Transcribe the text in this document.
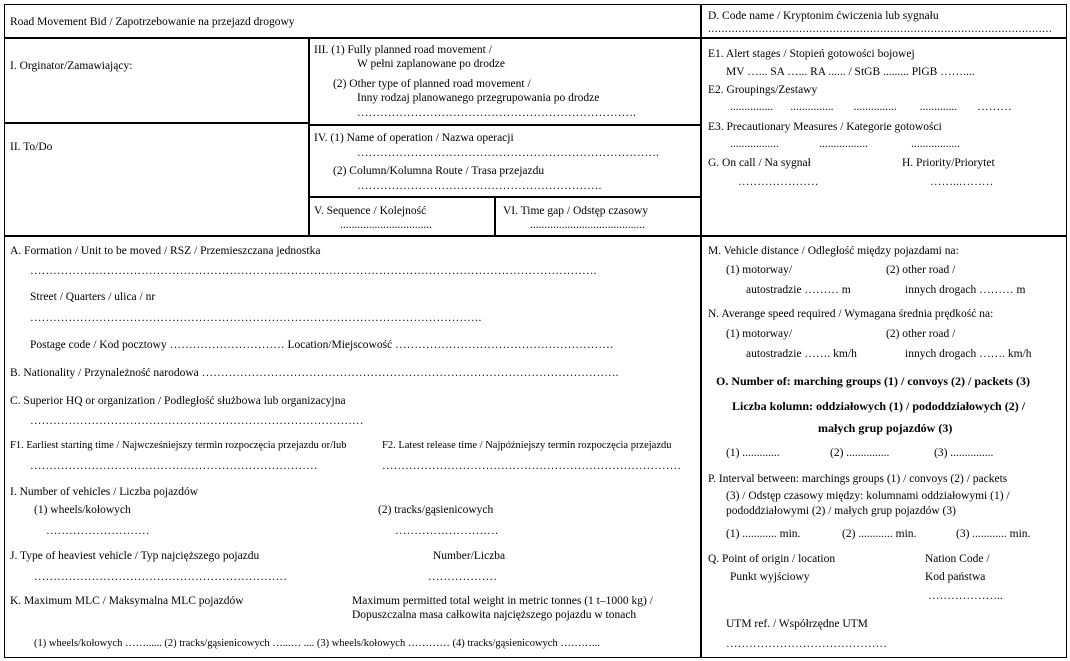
Road Movement Bid / Zapotrzebowanie na przejazd drogowy	D. Code name / Kryptonim ćwiczenia lub sygnału
......................................................................................................
I. Orginator/Zamawiający:
III. (1) Fully planned road movement /
W pełni zaplanowane po drodze
(2) Other type of planned road movement /
Inny rodzaj planowanego przegrupowania po drodze
……………………………………………………………….
II. To/Do
IV. (1) Name of operation / Nazwa operacji
…………………………………………………………………….
(2) Column/Kolumna Route / Trasa przejazdu
……………………………………………………….
V. Sequence / Kolejność
................................
VI. Time gap / Odstęp czasowy
........................................
E1. Alert stages / Stopień gotowości bojowej
MV …... SA …... RA ...... / StGB ......... PlGB ……....
E2. Groupings/Zestawy
...............      ...............       ...............        .............       ………
E3. Precautionary Measures / Kategorie gotowości
.................              .................               .................
G. On call / Na sygnał	H. Priority/Priorytet
…………………	……..………
A. Formation / Unit to be moved / RSZ / Przemieszczana jednostka
………………………………………………………………………………………………………………………………….
Street / Quarters / ulica / nr
……………………………………………………………………………………………………….
Postage code / Kod pocztowy ………………………… Location/Miejscowość …………………………………………………
B. Nationality / Przynależność narodowa ……………………………………………………………………………………………….
C. Superior HQ or organization / Podległość służbowa lub organizacyjna
……………………………………………………………………………
F1. Earliest starting time / Najwcześniejszy termin rozpoczęcia przejazdu or/lub	F2. Latest release time / Najpóźniejszy termin rozpoczęcia przejazdu
…………………………………………………………………	……………………………………………………………………
I. Number of vehicles / Liczba pojazdów
(1) wheels/kołowych	(2) tracks/gąsienicowych
………………………	………………………
J. Type of heaviest vehicle / Typ najcięższego pojazdu	Number/Liczba
…………………………………………………………	………………
K. Maximum MLC / Maksymalna MLC pojazdów	Maximum permitted total weight in metric tonnes (1 t–1000 kg) /
Dopuszczalna masa całkowita najcięższego pojazdu w tonach
(1) wheels/kołowych ……...... (2) tracks/gąsienicowych …...… .... (3) wheels/kołowych ………… (4) tracks/gąsienicowych ………...
M. Vehicle distance / Odległość między pojazdami na:
(1) motorway/	(2) other road /
autostradzie ……… m	innych drogach ……… m
N. Averange speed required / Wymagana średnia prędkość na:
(1) motorway/	(2) other road /
autostradzie ……. km/h	innych drogach ……. km/h
O. Number of: marching groups (1) / convoys (2) / packets (3)
Liczba kolumn: oddziałowych (1) / pododdziałowych (2) /
małych grup pojazdów (3)
(1) .............	(2) ...............	(3) ...............
P. Interval between: marchings groups (1) / convoys (2) / packets
(3) / Odstęp czasowy między: kolumnami oddziałowymi (1) /
pododdziałowymi (2) / małych grup pojazdów (3)
(1) ............ min.	(2) ............ min.	(3) ............ min.
Q. Point of origin / location
Punkt wyjściowy
Nation Code /
Kod państwa
………………..
UTM ref. / Współrzędne UTM
……………………………………
